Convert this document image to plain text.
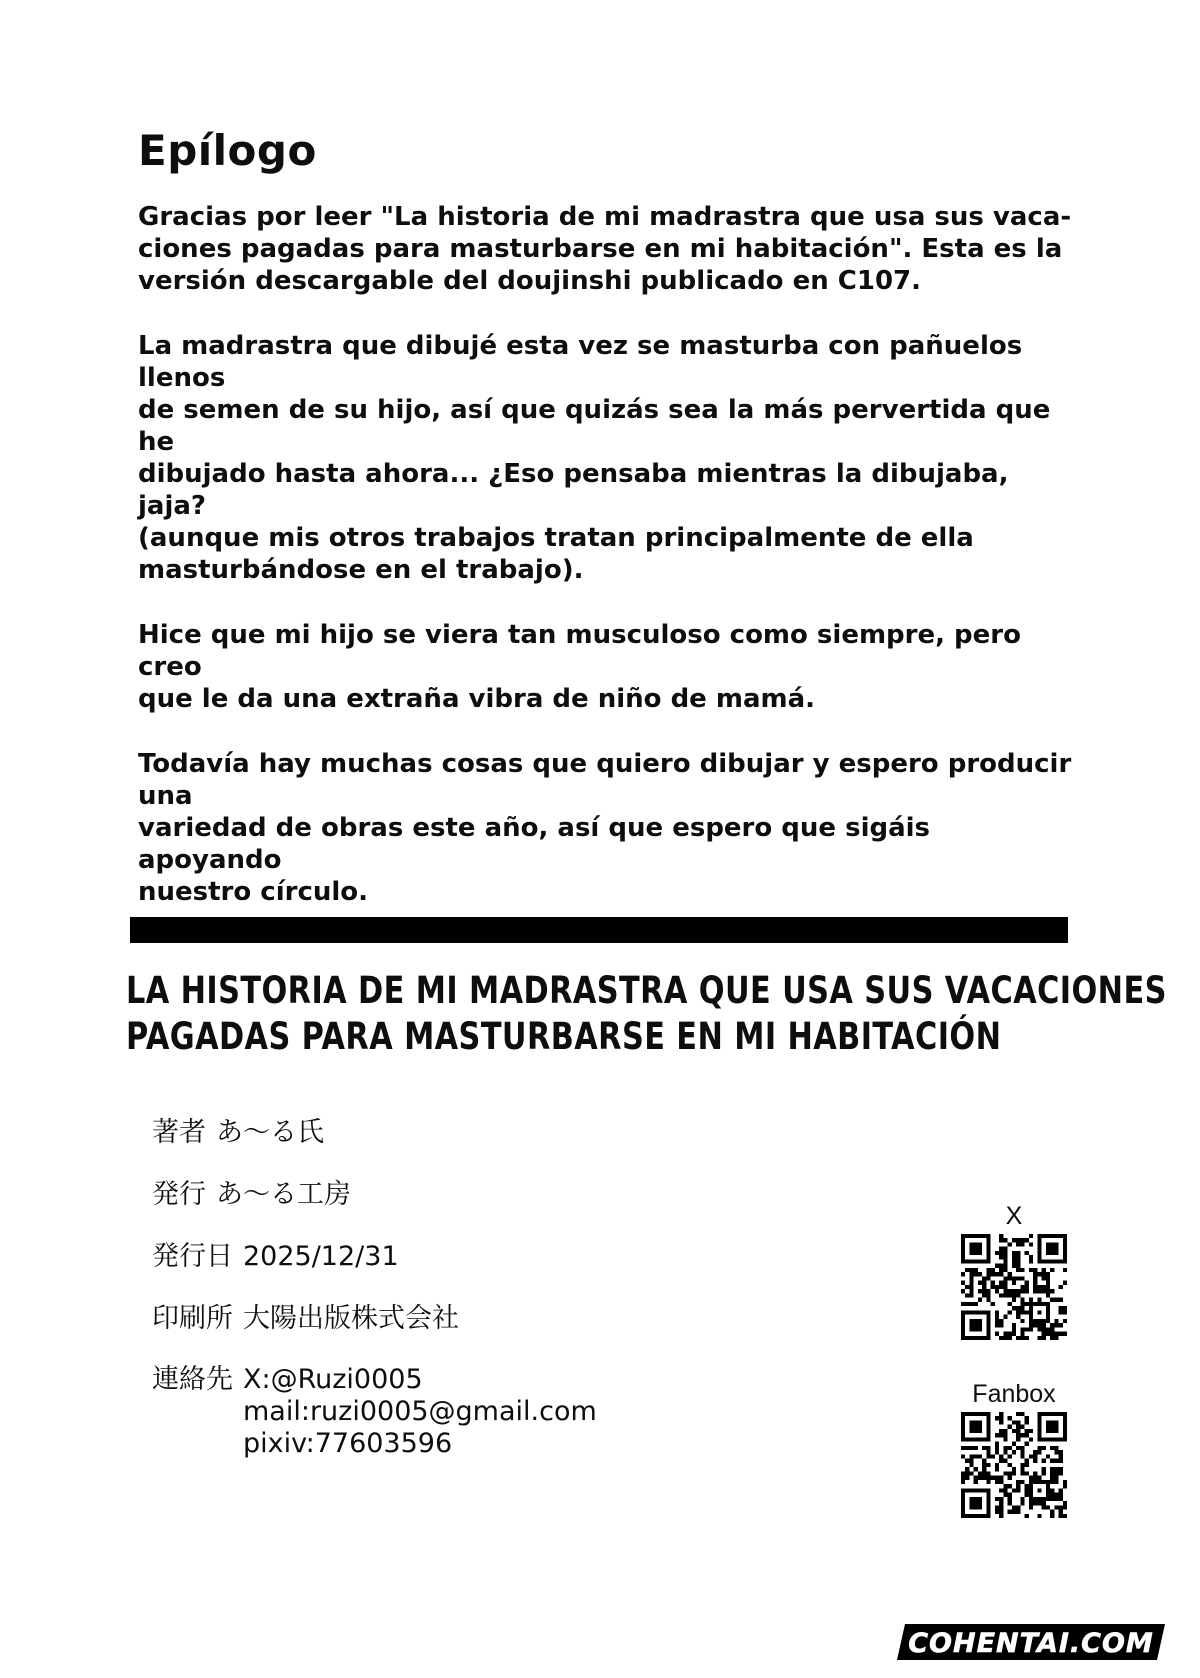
Epílogo

Gracias por leer "La historia de mi madrastra que usa sus vaca-
ciones pagadas para masturbarse en mi habitación". Esta es la
versión descargable del doujinshi publicado en C107.

La madrastra que dibujé esta vez se masturba con pañuelos llenos
de semen de su hijo, así que quizás sea la más pervertida que he
dibujado hasta ahora... ¿Eso pensaba mientras la dibujaba, jaja?
(aunque mis otros trabajos tratan principalmente de ella
masturbándose en el trabajo).

Hice que mi hijo se viera tan musculoso como siempre, pero creo
que le da una extraña vibra de niño de mamá.

Todavía hay muchas cosas que quiero dibujar y espero producir una
variedad de obras este año, así que espero que sigáis apoyando
nuestro círculo.

LA HISTORIA DE MI MADRASTRA QUE USA SUS VACACIONES
PAGADAS PARA MASTURBARSE EN MI HABITACIÓN
著者 あ～る氏
発行 あ～る工房
発行日 2025/12/31
印刷所 大陽出版株式会社
連絡先 X:@Ruzi0005
mail:ruzi0005@gmail.com
pixiv:77603596
X
Fanbox
COHENTAI.COM
